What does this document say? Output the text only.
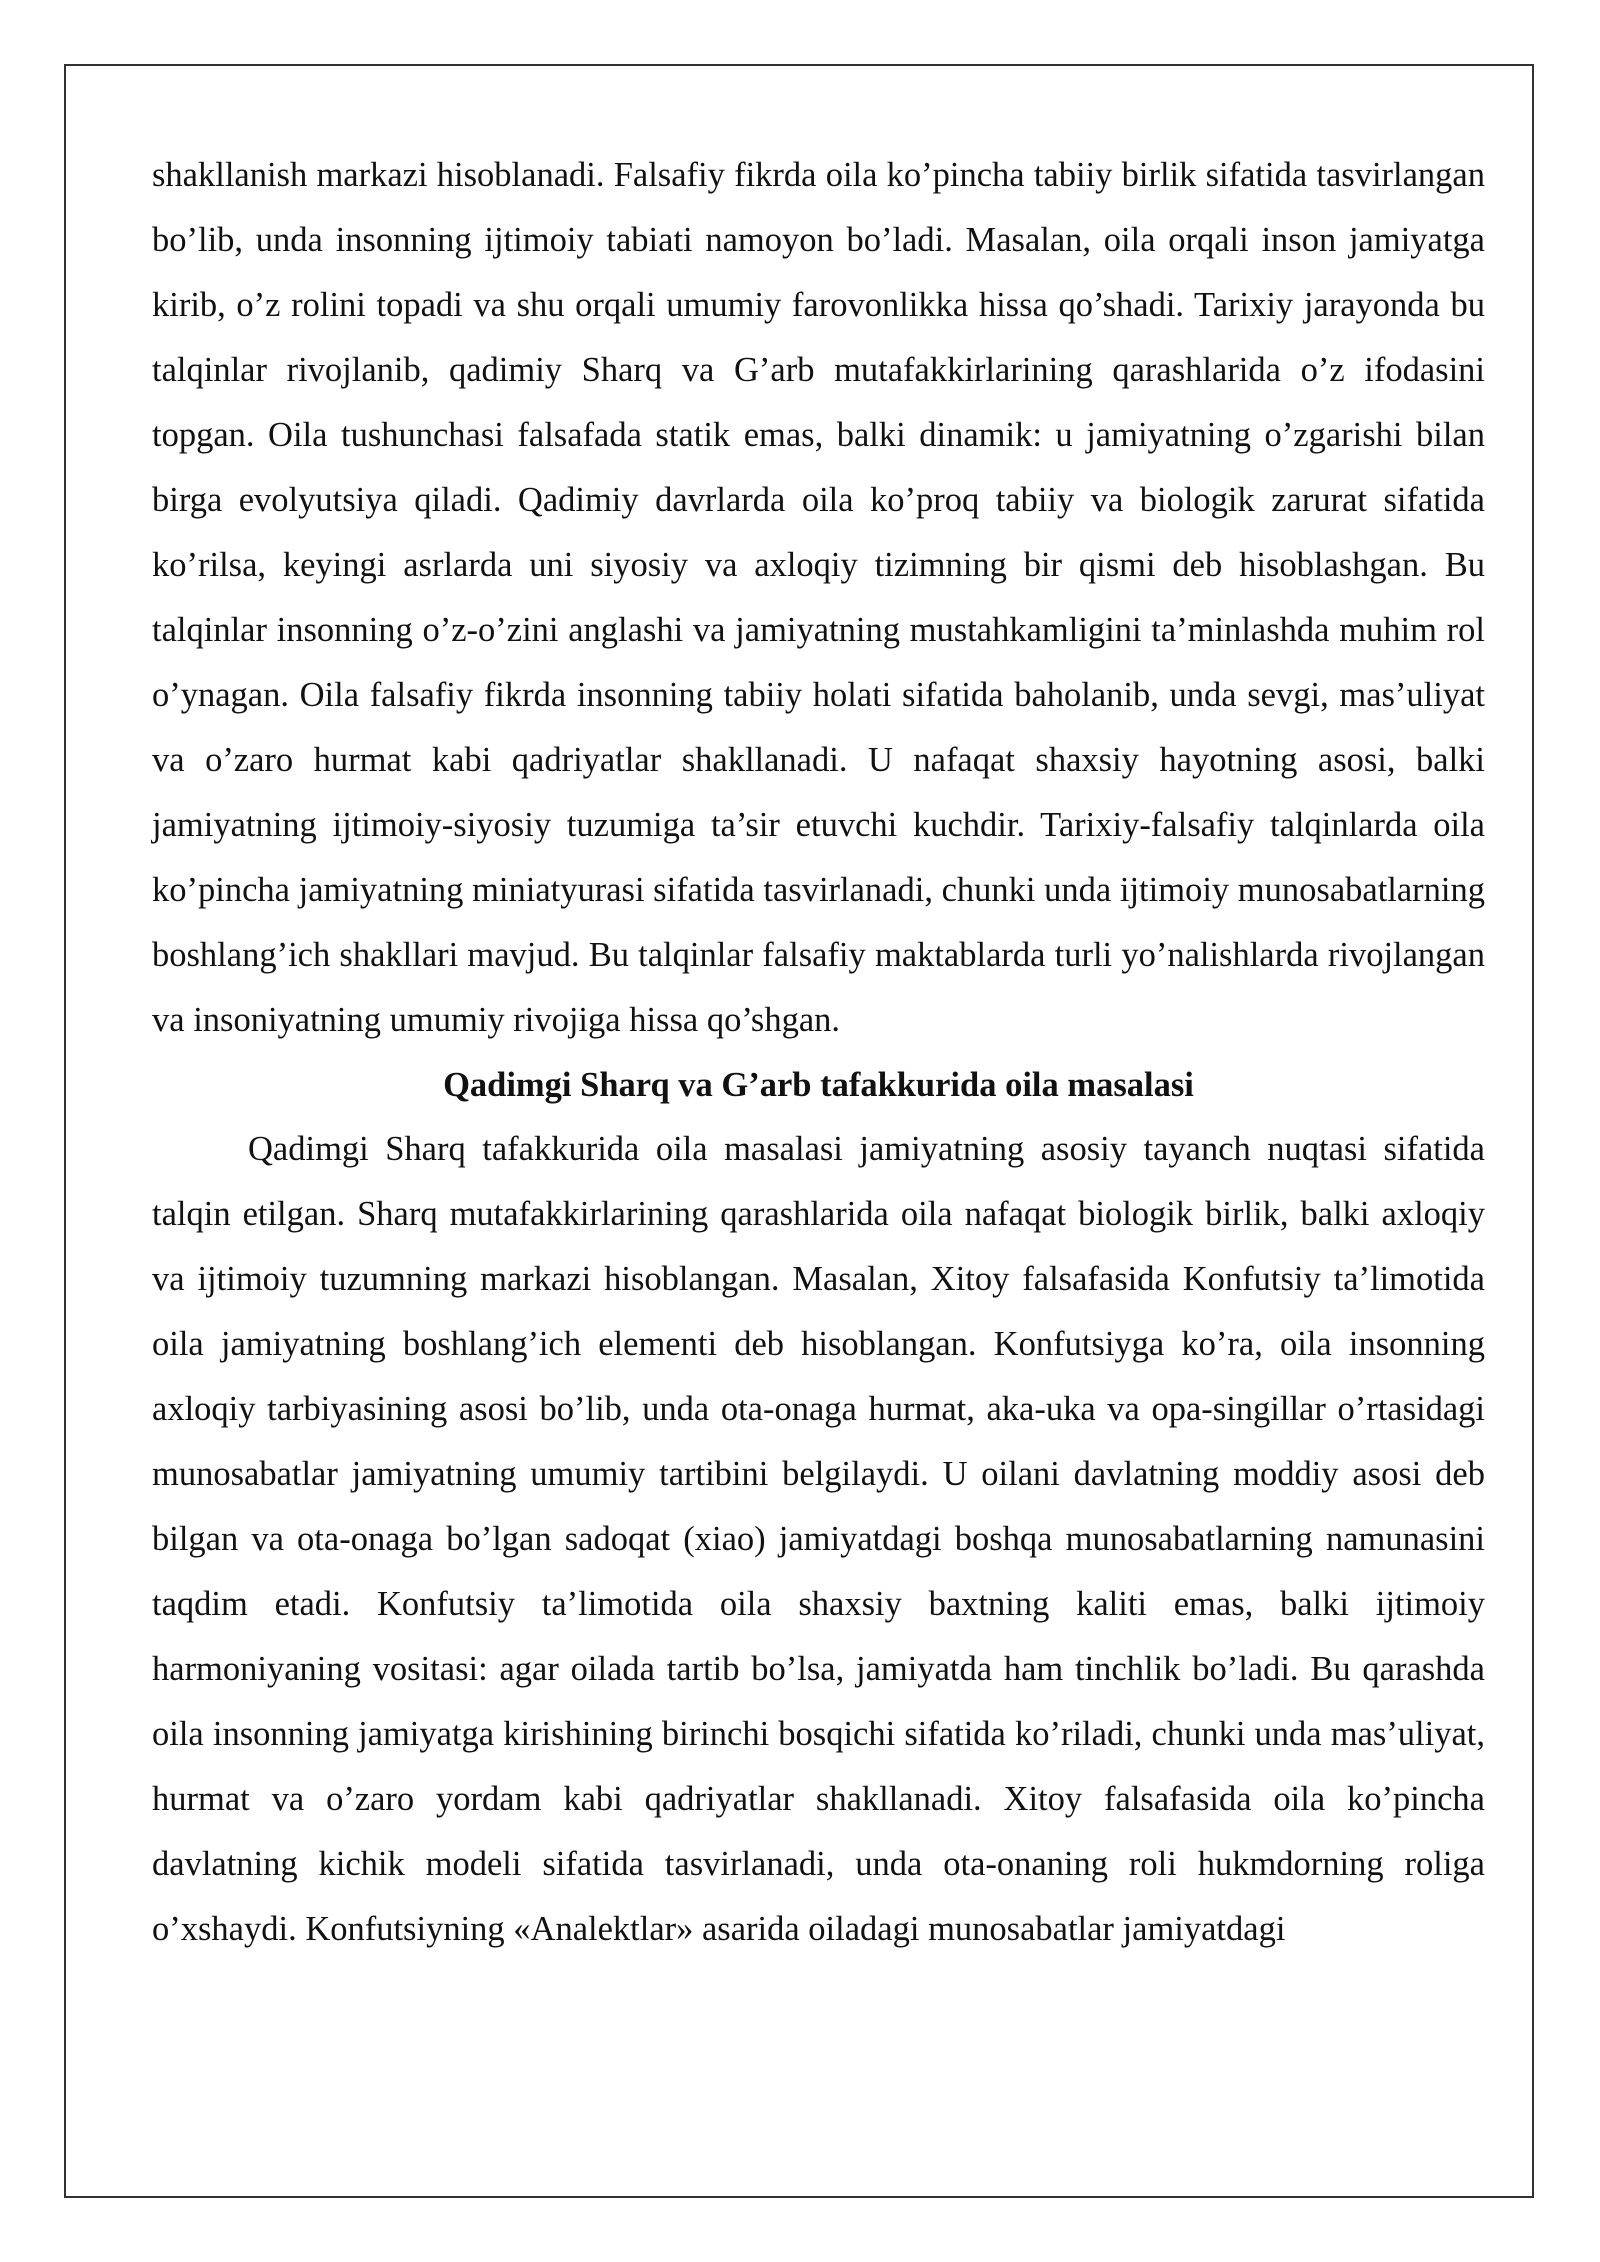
shakllanish markazi hisoblanadi. Falsafiy fikrda oila ko’pincha tabiiy birlik sifatida tasvirlangan bo’lib, unda insonning ijtimoiy tabiati namoyon bo’ladi. Masalan, oila orqali inson jamiyatga kirib, o’z rolini topadi va shu orqali umumiy farovonlikka hissa qo’shadi. Tarixiy jarayonda bu talqinlar rivojlanib, qadimiy Sharq va G’arb mutafakkirlarining qarashlarida o’z ifodasini topgan. Oila tushunchasi falsafada statik emas, balki dinamik: u jamiyatning o’zgarishi bilan birga evolyutsiya qiladi. Qadimiy davrlarda oila ko’proq tabiiy va biologik zarurat sifatida ko’rilsa, keyingi asrlarda uni siyosiy va axloqiy tizimning bir qismi deb hisoblashgan. Bu talqinlar insonning o’z-o’zini anglashi va jamiyatning mustahkamligini ta’minlashda muhim rol o’ynagan. Oila falsafiy fikrda insonning tabiiy holati sifatida baholanib, unda sevgi, mas’uliyat va o’zaro hurmat kabi qadriyatlar shakllanadi. U nafaqat shaxsiy hayotning asosi, balki jamiyatning ijtimoiy-siyosiy tuzumiga ta’sir etuvchi kuchdir. Tarixiy-falsafiy talqinlarda oila ko’pincha jamiyatning miniatyurasi sifatida tasvirlanadi, chunki unda ijtimoiy munosabatlarning boshlang’ich shakllari mavjud. Bu talqinlar falsafiy maktablarda turli yo’nalishlarda rivojlangan va insoniyatning umumiy rivojiga hissa qo’shgan.

Qadimgi Sharq va G’arb tafakkurida oila masalasi

Qadimgi Sharq tafakkurida oila masalasi jamiyatning asosiy tayanch nuqtasi sifatida talqin etilgan. Sharq mutafakkirlarining qarashlarida oila nafaqat biologik birlik, balki axloqiy va ijtimoiy tuzumning markazi hisoblangan. Masalan, Xitoy falsafasida Konfutsiy ta’limotida oila jamiyatning boshlang’ich elementi deb hisoblangan. Konfutsiyga ko’ra, oila insonning axloqiy tarbiyasining asosi bo’lib, unda ota-onaga hurmat, aka-uka va opa-singillar o’rtasidagi munosabatlar jamiyatning umumiy tartibini belgilaydi. U oilani davlatning moddiy asosi deb bilgan va ota-onaga bo’lgan sadoqat (xiao) jamiyatdagi boshqa munosabatlarning namunasini taqdim etadi. Konfutsiy ta’limotida oila shaxsiy baxtning kaliti emas, balki ijtimoiy harmoniyaning vositasi: agar oilada tartib bo’lsa, jamiyatda ham tinchlik bo’ladi. Bu qarashda oila insonning jamiyatga kirishining birinchi bosqichi sifatida ko’riladi, chunki unda mas’uliyat, hurmat va o’zaro yordam kabi qadriyatlar shakllanadi. Xitoy falsafasida oila ko’pincha davlatning kichik modeli sifatida tasvirlanadi, unda ota-onaning roli hukmdorning roliga o’xshaydi. Konfutsiyning «Analektlar» asarida oiladagi munosabatlar jamiyatdagi
